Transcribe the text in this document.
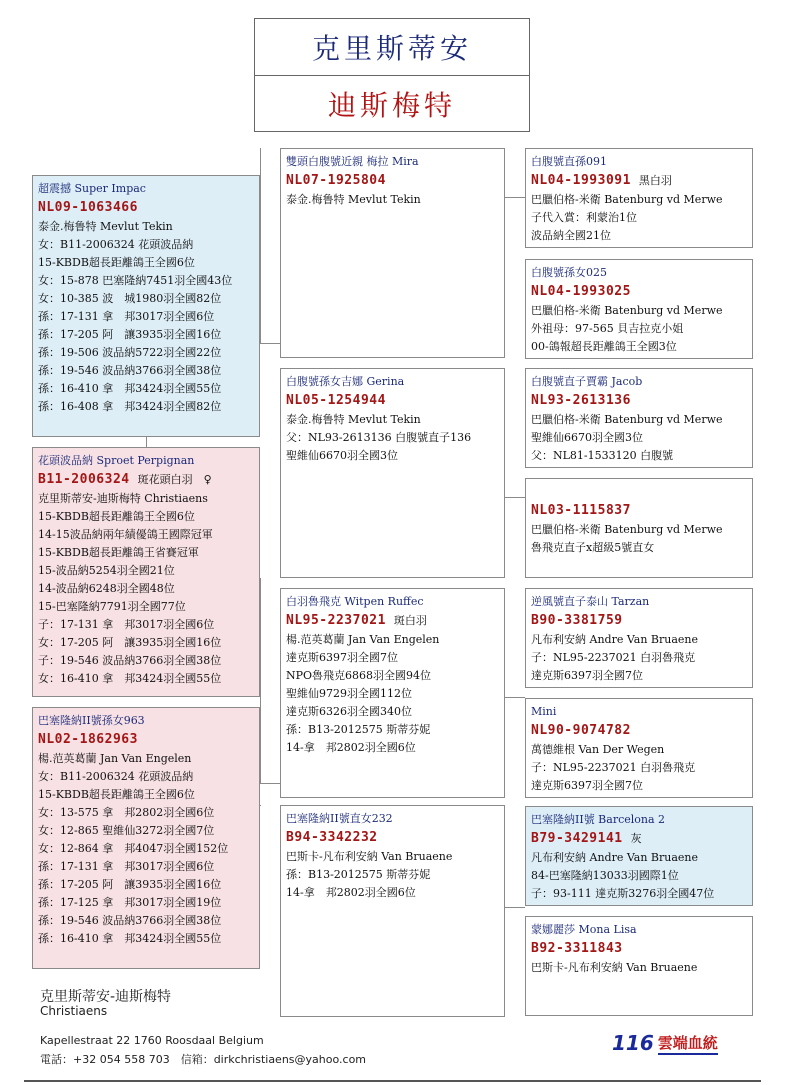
克里斯蒂安
迪斯梅特
超震撼 Super Impac
NL09-1063466
泰金.梅鲁特 Mevlut Tekin
女：B11-2006324 花頭波品納
15-KBDB超長距離鴿王全國6位
女：15-878 巴塞隆納7451羽全國43位
女：10-385 波　城1980羽全國82位
孫：17-131 拿　邦3017羽全國6位
孫：17-205 阿　讓3935羽全國16位
孫：19-506 波品納5722羽全國22位
孫：19-546 波品納3766羽全國38位
孫：16-410 拿　邦3424羽全國55位
孫：16-408 拿　邦3424羽全國82位
花頭波品納 Sproet Perpignan
B11-2006324 斑花頭白羽　♀
克里斯蒂安-迪斯梅特 Christiaens
15-KBDB超長距離鴿王全國6位
14-15波品納兩年績優鴿王國際冠軍
15-KBDB超長距離鴿王省賽冠軍
15-波品納5254羽全國21位
14-波品納6248羽全國48位
15-巴塞隆納7791羽全國77位
子：17-131 拿　邦3017羽全國6位
女：17-205 阿　讓3935羽全國16位
子：19-546 波品納3766羽全國38位
女：16-410 拿　邦3424羽全國55位
巴塞隆納II號孫女963
NL02-1862963
楊.范英葛蘭 Jan Van Engelen
女：B11-2006324 花頭波品納
15-KBDB超長距離鴿王全國6位
女：13-575 拿　邦2802羽全國6位
女：12-865 聖維仙3272羽全國7位
女：12-864 拿　邦4047羽全國152位
孫：17-131 拿　邦3017羽全國6位
孫：17-205 阿　讓3935羽全國16位
孫：17-125 拿　邦3017羽全國19位
孫：19-546 波品納3766羽全國38位
孫：16-410 拿　邦3424羽全國55位
雙頭白腹號近親 梅拉 Mira
NL07-1925804
泰金.梅鲁特 Mevlut Tekin
白腹號孫女吉娜 Gerina
NL05-1254944
泰金.梅鲁特 Mevlut Tekin
父：NL93-2613136 白腹號直子136
聖維仙6670羽全國3位
白羽魯飛克 Witpen Ruffec
NL95-2237021 斑白羽
楊.范英葛蘭 Jan Van Engelen
達克斯6397羽全國7位
NPO魯飛克6868羽全國94位
聖維仙9729羽全國112位
達克斯6326羽全國340位
孫：B13-2012575 斯蒂芬妮
14-拿　邦2802羽全國6位
巴塞隆納II號直女232
B94-3342232
巴斯卡-凡布利安納 Van Bruaene
孫：B13-2012575 斯蒂芬妮
14-拿　邦2802羽全國6位
白腹號直孫091
NL04-1993091 黑白羽
巴臘伯格-米衛 Batenburg vd Merwe
子代入賞：利蒙治1位
波品納全國21位
白腹號孫女025
NL04-1993025
巴臘伯格-米衛 Batenburg vd Merwe
外祖母：97-565 貝吉拉克小姐
00-鴿報超長距離鴿王全國3位
白腹號直子賈霸 Jacob
NL93-2613136
巴臘伯格-米衛 Batenburg vd Merwe
聖維仙6670羽全國3位
父：NL81-1533120 白腹號
NL03-1115837
巴臘伯格-米衛 Batenburg vd Merwe
魯飛克直子x超級5號直女
逆風號直子泰山 Tarzan
B90-3381759
凡布利安納 Andre Van Bruaene
子：NL95-2237021 白羽魯飛克
達克斯6397羽全國7位
Mini
NL90-9074782
萬德維根 Van Der Wegen
子：NL95-2237021 白羽魯飛克
達克斯6397羽全國7位
巴塞隆納II號 Barcelona 2
B79-3429141 灰
凡布利安納 Andre Van Bruaene
84-巴塞隆納13033羽國際1位
子：93-111 達克斯3276羽全國47位
蒙娜麗莎 Mona Lisa
B92-3311843
巴斯卡-凡布利安納 Van Bruaene
克里斯蒂安-迪斯梅特
Christiaens
Kapellestraat 22 1760 Roosdaal Belgium
電話：+32 054 558 703　信箱：dirkchristiaens@yahoo.com
116 雲端血統
